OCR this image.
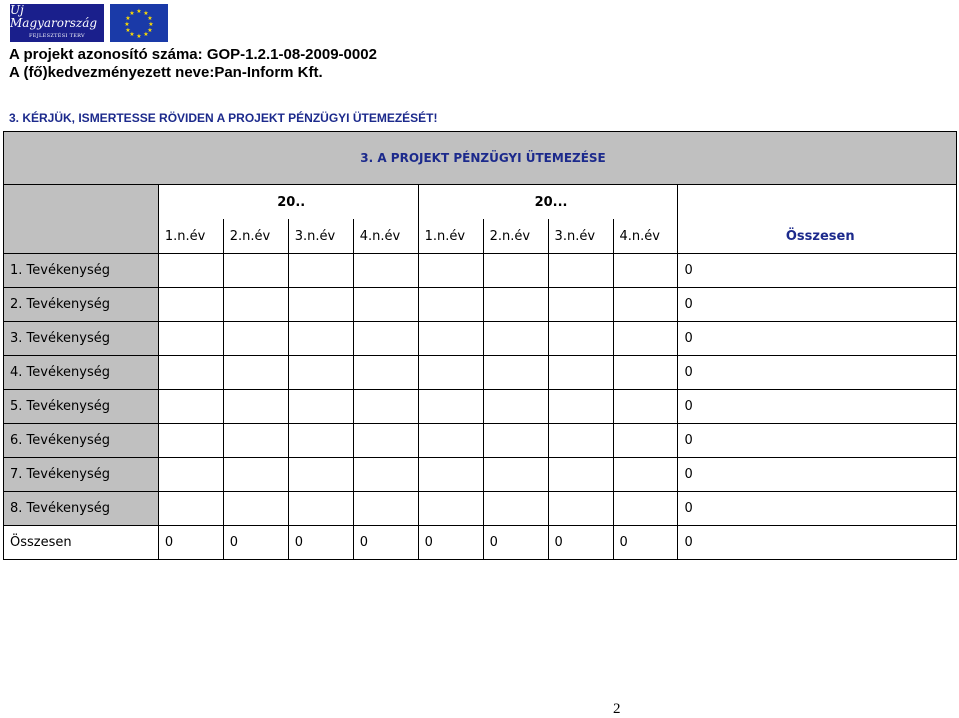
Új Magyarország
FEJLESZTÉSI TERV
★ ★
★
★
★
★
★
★
★
★
★
★
A projekt azonosító száma: GOP-1.2.1-08-2009-0002
A (fő)kedvezményezett neve:Pan-Inform Kft.
3. KÉRJÜK, ISMERTESSE RÖVIDEN A PROJEKT PÉNZÜGYI ÜTEMEZÉSÉT!
3. A PROJEKT PÉNZÜGYI ÜTEMEZÉSE									
	20..				20...				
	1.n.év	2.n.év	3.n.év	4.n.év	1.n.év	2.n.év	3.n.év	4.n.év	Összesen
1. Tevékenység									0
2. Tevékenység									0
3. Tevékenység									0
4. Tevékenység									0
5. Tevékenység									0
6. Tevékenység									0
7. Tevékenység									0
8. Tevékenység									0
Összesen	0	0	0	0	0	0	0	0	0
2
